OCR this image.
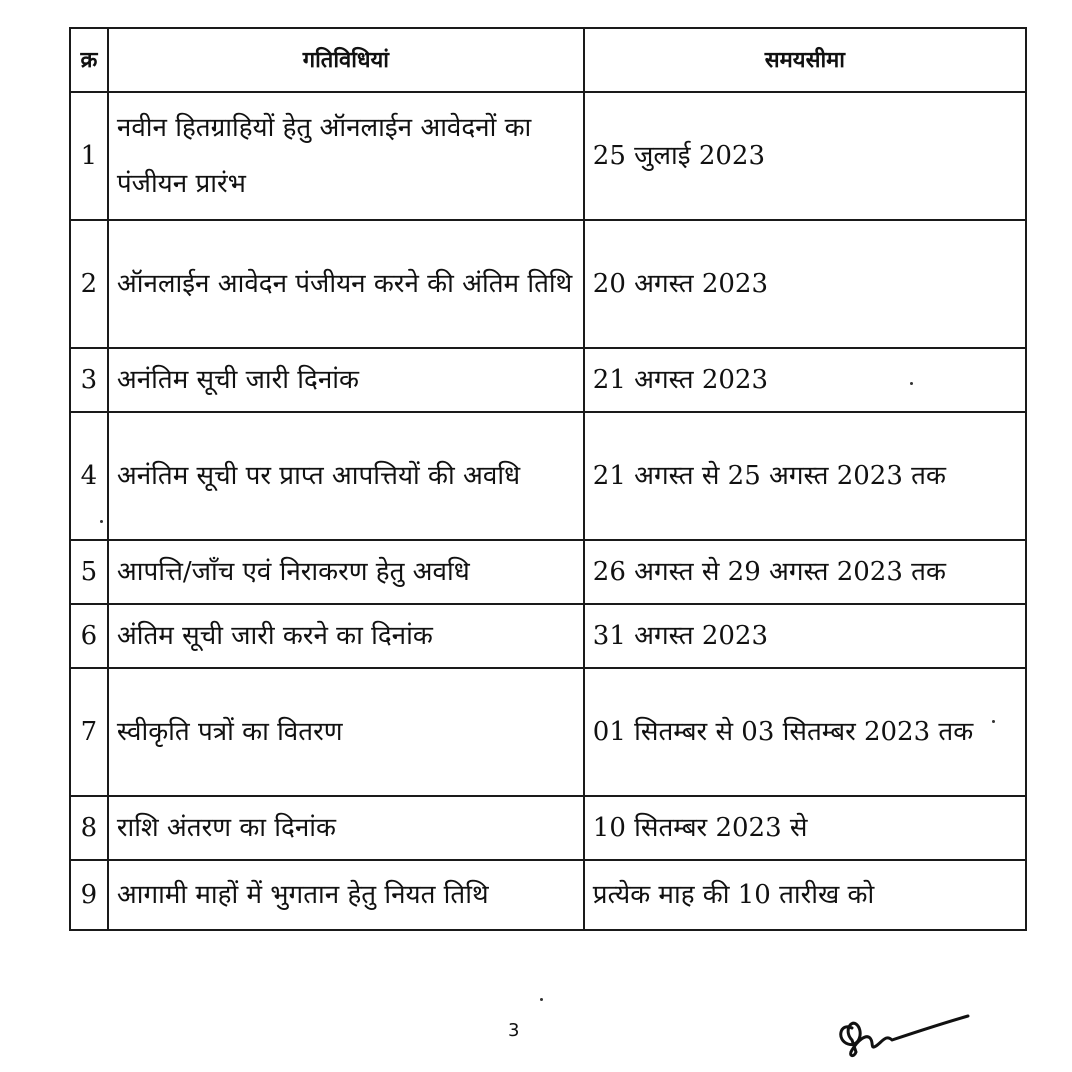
क्र	गतिविधियां	समयसीमा
1	नवीन हितग्राहियों हेतु ऑनलाईन आवेदनों का पंजीयन प्रारंभ	25 जुलाई 2023
2	ऑनलाईन आवेदन पंजीयन करने की अंतिम तिथि	20 अगस्त 2023
3	अनंतिम सूची जारी दिनांक	21 अगस्त 2023
4	अनंतिम सूची पर प्राप्त आपत्तियों की अवधि	21 अगस्त से 25 अगस्त 2023 तक
5	आपत्ति/जाँच एवं निराकरण हेतु अवधि	26 अगस्त से 29 अगस्त 2023 तक
6	अंतिम सूची जारी करने का दिनांक	31 अगस्त 2023
7	स्वीकृति पत्रों का वितरण	01 सितम्बर से 03 सितम्बर 2023 तक
8	राशि अंतरण का दिनांक	10 सितम्बर 2023 से
9	आगामी माहों में भुगतान हेतु नियत तिथि	प्रत्येक माह की 10 तारीख को
3
